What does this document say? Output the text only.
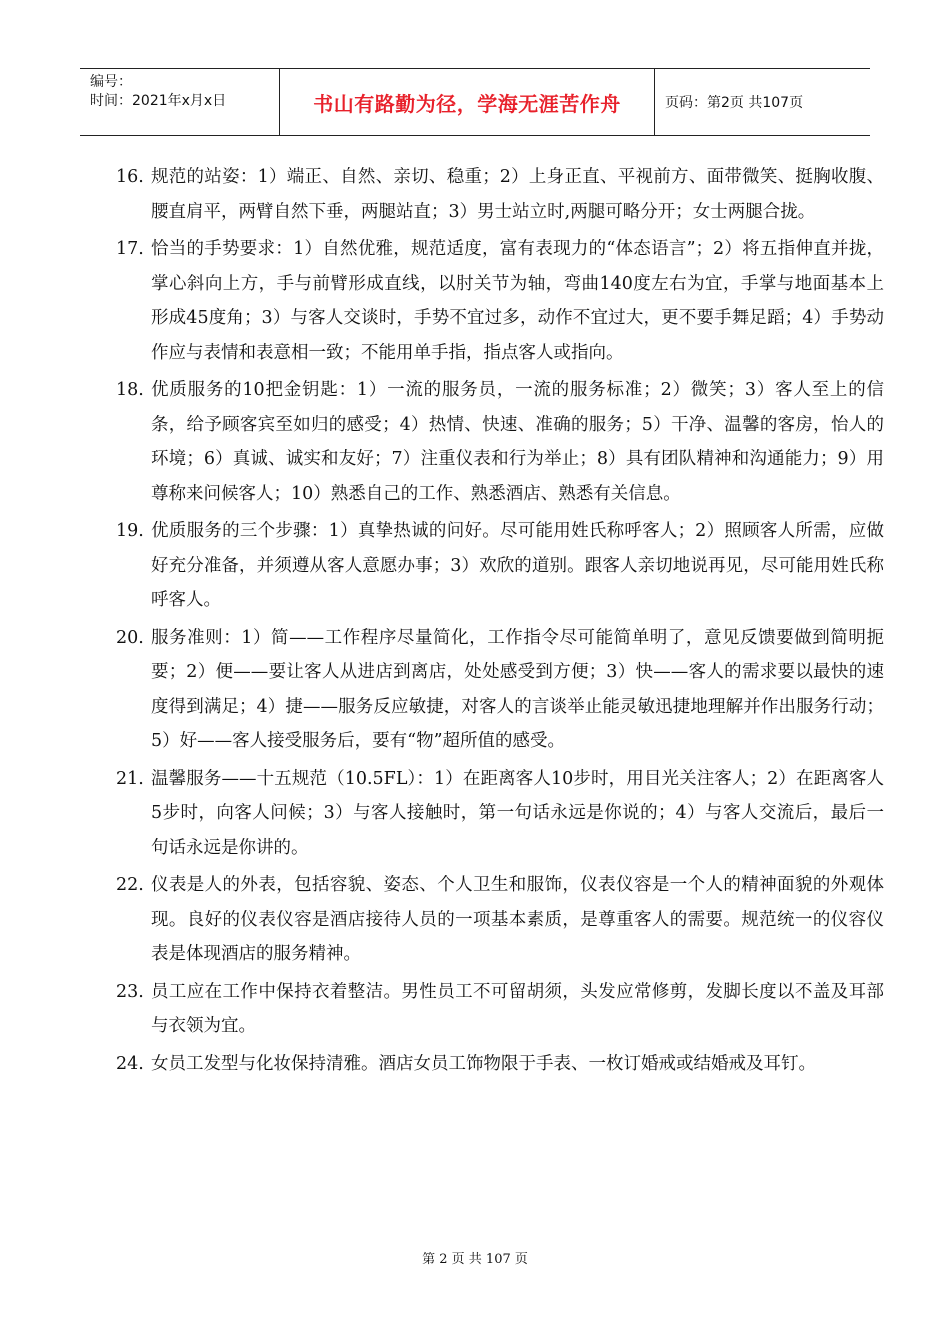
编号：
时间：2021年x月x日	书山有路勤为径，学海无涯苦作舟	页码：第2页 共107页
16. 规范的站姿：1）端正、自然、亲切、稳重；2）上身正直、平视前方、面带微笑、挺胸收腹、腰直肩平，两臂自然下垂，两腿站直；3）男士站立时,两腿可略分开；女士两腿合拢。
17. 恰当的手势要求：1）自然优雅，规范适度，富有表现力的“体态语言”；2）将五指伸直并拢，掌心斜向上方，手与前臂形成直线，以肘关节为轴，弯曲140度左右为宜，手掌与地面基本上形成45度角；3）与客人交谈时，手势不宜过多，动作不宜过大，更不要手舞足蹈；4）手势动作应与表情和表意相一致；不能用单手指，指点客人或指向。
18. 优质服务的10把金钥匙：1）一流的服务员，一流的服务标准；2）微笑；3）客人至上的信条，给予顾客宾至如归的感受；4）热情、快速、准确的服务；5）干净、温馨的客房，怡人的环境；6）真诚、诚实和友好；7）注重仪表和行为举止；8）具有团队精神和沟通能力；9）用尊称来问候客人；10）熟悉自己的工作、熟悉酒店、熟悉有关信息。
19. 优质服务的三个步骤：1）真挚热诚的问好。尽可能用姓氏称呼客人；2）照顾客人所需，应做好充分准备，并须遵从客人意愿办事；3）欢欣的道别。跟客人亲切地说再见，尽可能用姓氏称呼客人。
20. 服务准则：1）简——工作程序尽量简化，工作指令尽可能简单明了，意见反馈要做到简明扼要；2）便——要让客人从进店到离店，处处感受到方便；3）快——客人的需求要以最快的速度得到满足；4）捷——服务反应敏捷，对客人的言谈举止能灵敏迅捷地理解并作出服务行动；5）好——客人接受服务后，要有“物”超所值的感受。
21. 温馨服务——十五规范（10.5FL）：1）在距离客人10步时，用目光关注客人；2）在距离客人5步时，向客人问候；3）与客人接触时，第一句话永远是你说的；4）与客人交流后，最后一句话永远是你讲的。
22. 仪表是人的外表，包括容貌、姿态、个人卫生和服饰，仪表仪容是一个人的精神面貌的外观体现。良好的仪表仪容是酒店接待人员的一项基本素质，是尊重客人的需要。规范统一的仪容仪表是体现酒店的服务精神。
23. 员工应在工作中保持衣着整洁。男性员工不可留胡须，头发应常修剪，发脚长度以不盖及耳部与衣领为宜。
24. 女员工发型与化妆保持清雅。酒店女员工饰物限于手表、一枚订婚戒或结婚戒及耳钉。
第 2 页 共 107 页
